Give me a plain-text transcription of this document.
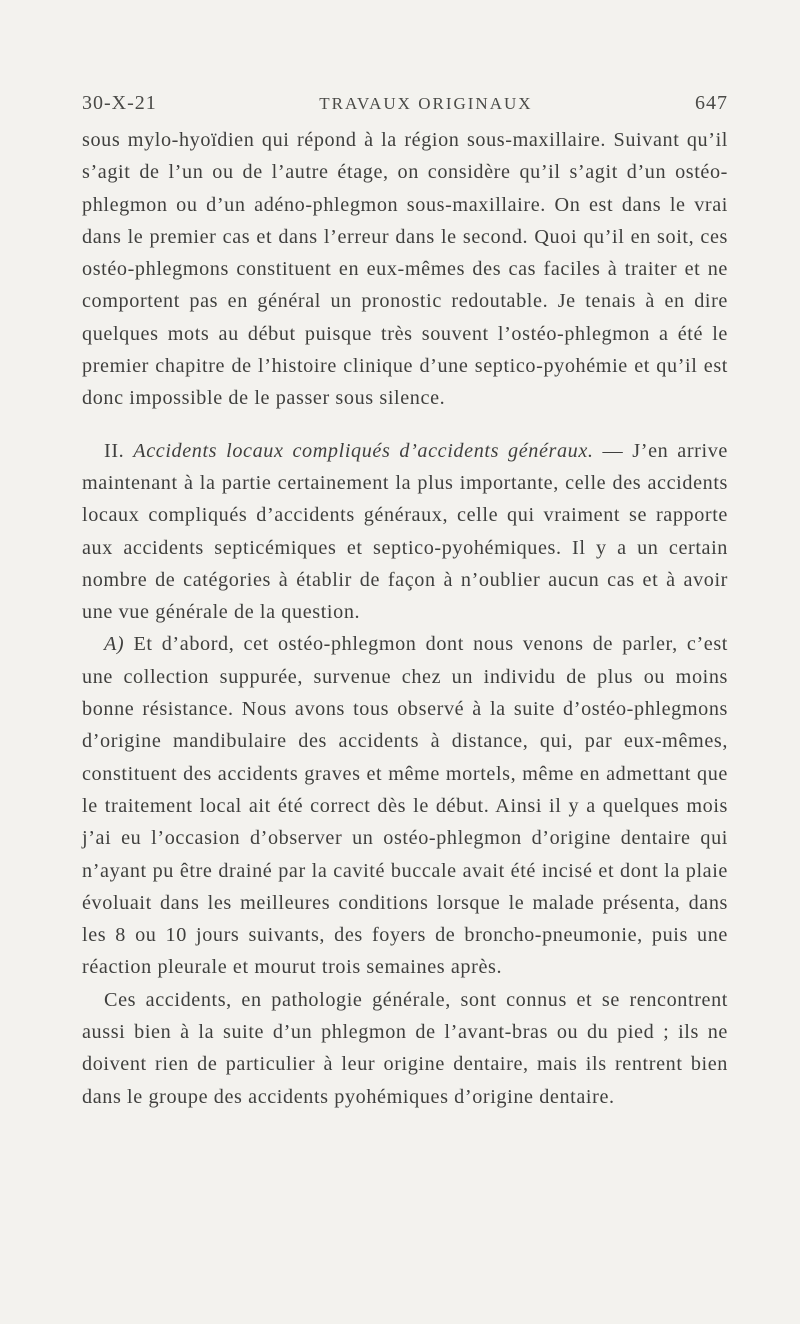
30-X-21	TRAVAUX ORIGINAUX	647

sous mylo-hyoïdien qui répond à la région sous-maxillaire. Suivant qu’il s’agit de l’un ou de l’autre étage, on considère qu’il s’agit d’un ostéo-phlegmon ou d’un adéno-phlegmon sous-maxillaire. On est dans le vrai dans le premier cas et dans l’erreur dans le second. Quoi qu’il en soit, ces ostéo-phlegmons constituent en eux-mêmes des cas faciles à traiter et ne comportent pas en général un pronostic redoutable. Je tenais à en dire quelques mots au début puisque très souvent l’ostéo-phlegmon a été le premier chapitre de l’histoire clinique d’une septico-pyohémie et qu’il est donc impossible de le passer sous silence.

II. Accidents locaux compliqués d’accidents généraux. — J’en arrive maintenant à la partie certainement la plus importante, celle des accidents locaux compliqués d’accidents généraux, celle qui vraiment se rapporte aux accidents septicémiques et septico-pyohémiques. Il y a un certain nombre de catégories à établir de façon à n’oublier aucun cas et à avoir une vue générale de la question.

A) Et d’abord, cet ostéo-phlegmon dont nous venons de parler, c’est une collection suppurée, survenue chez un individu de plus ou moins bonne résistance. Nous avons tous observé à la suite d’ostéo-phlegmons d’origine mandibulaire des accidents à distance, qui, par eux-mêmes, constituent des accidents graves et même mortels, même en admettant que le traitement local ait été correct dès le début. Ainsi il y a quelques mois j’ai eu l’occasion d’observer un ostéo-phlegmon d’origine dentaire qui n’ayant pu être drainé par la cavité buccale avait été incisé et dont la plaie évoluait dans les meilleures conditions lorsque le malade présenta, dans les 8 ou 10 jours suivants, des foyers de broncho-pneumonie, puis une réaction pleurale et mourut trois semaines après.

Ces accidents, en pathologie générale, sont connus et se rencontrent aussi bien à la suite d’un phlegmon de l’avant-bras ou du pied ; ils ne doivent rien de particulier à leur origine dentaire, mais ils rentrent bien dans le groupe des accidents pyohémiques d’origine dentaire.
